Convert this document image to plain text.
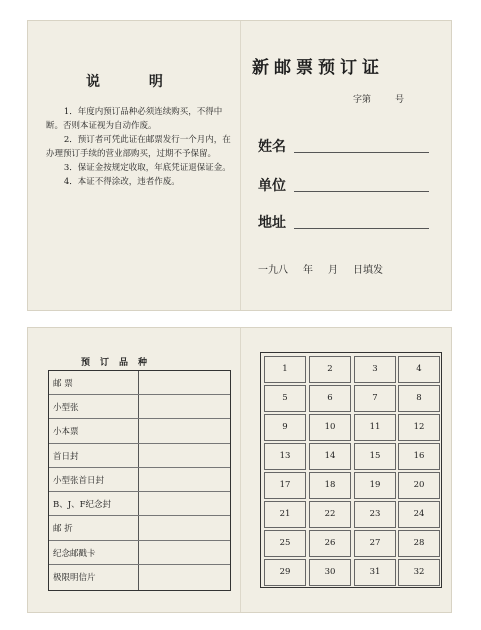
说 明
1．年度内预订品种必须连续购买，不得中断。否则本证视为自动作废。
2．预订者可凭此证在邮票发行一个月内，在办理预订手续的营业部购买，过期不予保留。
3．保证金按规定收取，年底凭证退保证金。
4．本证不得涂改，违者作废。
新邮票预订证
字第	号
姓名
单位
地址
一九八 年 月 日填发
预订品种
邮 票
小型张
小本票
首日封
小型张首日封
B、J、F纪念封
邮 折
纪念邮戳卡
极限明信片
1	2	3	4
5	6	7	8
9	10	11	12
13	14	15	16
17	18	19	20
21	22	23	24
25	26	27	28
29	30	31	32
